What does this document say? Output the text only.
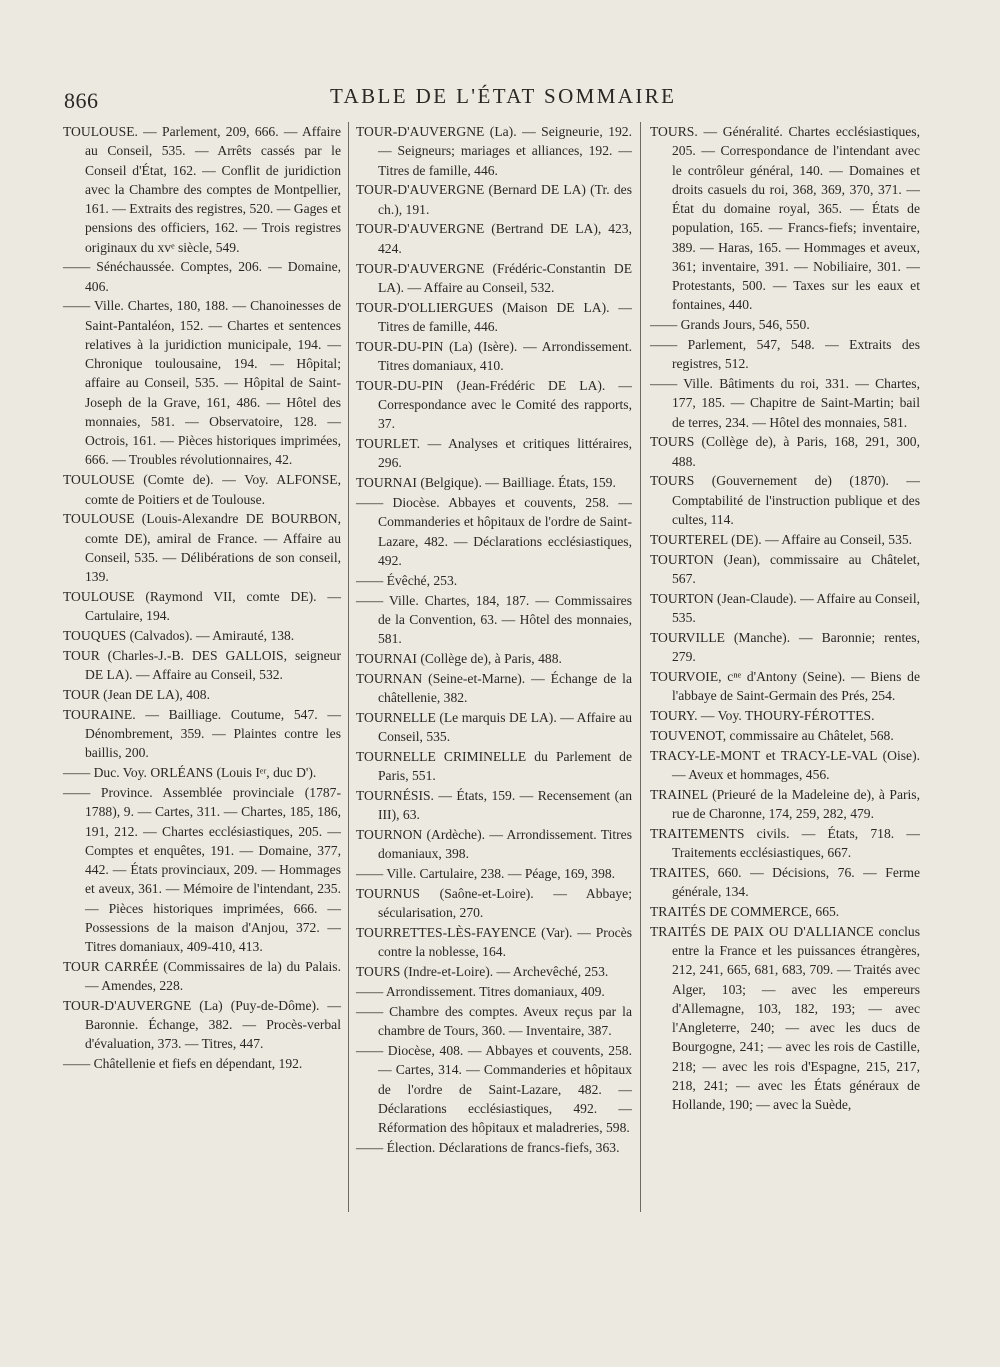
866	TABLE DE L'ÉTAT SOMMAIRE

TOULOUSE. — Parlement, 209, 666. — Affaire au Conseil, 535. — Arrêts cassés par le Conseil d'État, 162. — Conflit de juridiction avec la Chambre des comptes de Montpellier, 161. — Extraits des registres, 520. — Gages et pensions des officiers, 162. — Trois registres originaux du xvᵉ siècle, 549.

—— Sénéchaussée. Comptes, 206. — Domaine, 406.

—— Ville. Chartes, 180, 188. — Chanoinesses de Saint-Pantaléon, 152. — Chartes et sentences relatives à la juridiction municipale, 194. — Chronique toulousaine, 194. — Hôpital; affaire au Conseil, 535. — Hôpital de Saint-Joseph de la Grave, 161, 486. — Hôtel des monnaies, 581. — Observatoire, 128. — Octrois, 161. — Pièces historiques imprimées, 666. — Troubles révolutionnaires, 42.

TOULOUSE (Comte de). — Voy. ALFONSE, comte de Poitiers et de Toulouse.

TOULOUSE (Louis-Alexandre DE BOURBON, comte DE), amiral de France. — Affaire au Conseil, 535. — Délibérations de son conseil, 139.

TOULOUSE (Raymond VII, comte DE). — Cartulaire, 194.

TOUQUES (Calvados). — Amirauté, 138.

TOUR (Charles-J.-B. DES GALLOIS, seigneur DE LA). — Affaire au Conseil, 532.

TOUR (Jean DE LA), 408.

TOURAINE. — Bailliage. Coutume, 547. — Dénombrement, 359. — Plaintes contre les baillis, 200.

—— Duc. Voy. ORLÉANS (Louis Iᵉʳ, duc D').

—— Province. Assemblée provinciale (1787-1788), 9. — Cartes, 311. — Chartes, 185, 186, 191, 212. — Chartes ecclésiastiques, 205. — Comptes et enquêtes, 191. — Domaine, 377, 442. — États provinciaux, 209. — Hommages et aveux, 361. — Mémoire de l'intendant, 235. — Pièces historiques imprimées, 666. — Possessions de la maison d'Anjou, 372. — Titres domaniaux, 409-410, 413.

TOUR CARRÉE (Commissaires de la) du Palais. — Amendes, 228.

TOUR-D'AUVERGNE (La) (Puy-de-Dôme). — Baronnie. Échange, 382. — Procès-verbal d'évaluation, 373. — Titres, 447.

—— Châtellenie et fiefs en dépendant, 192.

TOUR-D'AUVERGNE (La). — Seigneurie, 192. — Seigneurs; mariages et alliances, 192. — Titres de famille, 446.

TOUR-D'AUVERGNE (Bernard DE LA) (Tr. des ch.), 191.

TOUR-D'AUVERGNE (Bertrand DE LA), 423, 424.

TOUR-D'AUVERGNE (Frédéric-Constantin DE LA). — Affaire au Conseil, 532.

TOUR-D'OLLIERGUES (Maison DE LA). — Titres de famille, 446.

TOUR-DU-PIN (La) (Isère). — Arrondissement. Titres domaniaux, 410.

TOUR-DU-PIN (Jean-Frédéric DE LA). — Correspondance avec le Comité des rapports, 37.

TOURLET. — Analyses et critiques littéraires, 296.

TOURNAI (Belgique). — Bailliage. États, 159.

—— Diocèse. Abbayes et couvents, 258. — Commanderies et hôpitaux de l'ordre de Saint-Lazare, 482. — Déclarations ecclésiastiques, 492.

—— Évêché, 253.

—— Ville. Chartes, 184, 187. — Commissaires de la Convention, 63. — Hôtel des monnaies, 581.

TOURNAI (Collège de), à Paris, 488.

TOURNAN (Seine-et-Marne). — Échange de la châtellenie, 382.

TOURNELLE (Le marquis DE LA). — Affaire au Conseil, 535.

TOURNELLE CRIMINELLE du Parlement de Paris, 551.

TOURNÉSIS. — États, 159. — Recensement (an III), 63.

TOURNON (Ardèche). — Arrondissement. Titres domaniaux, 398.

—— Ville. Cartulaire, 238. — Péage, 169, 398.

TOURNUS (Saône-et-Loire). — Abbaye; sécularisation, 270.

TOURRETTES-LÈS-FAYENCE (Var). — Procès contre la noblesse, 164.

TOURS (Indre-et-Loire). — Archevêché, 253.

—— Arrondissement. Titres domaniaux, 409.

—— Chambre des comptes. Aveux reçus par la chambre de Tours, 360. — Inventaire, 387.

—— Diocèse, 408. — Abbayes et couvents, 258. — Cartes, 314. — Commanderies et hôpitaux de l'ordre de Saint-Lazare, 482. — Déclarations ecclésiastiques, 492. — Réformation des hôpitaux et maladreries, 598.

—— Élection. Déclarations de francs-fiefs, 363.

TOURS. — Généralité. Chartes ecclésiastiques, 205. — Correspondance de l'intendant avec le contrôleur général, 140. — Domaines et droits casuels du roi, 368, 369, 370, 371. — État du domaine royal, 365. — États de population, 165. — Francs-fiefs; inventaire, 389. — Haras, 165. — Hommages et aveux, 361; inventaire, 391. — Nobiliaire, 301. — Protestants, 500. — Taxes sur les eaux et fontaines, 440.

—— Grands Jours, 546, 550.

—— Parlement, 547, 548. — Extraits des registres, 512.

—— Ville. Bâtiments du roi, 331. — Chartes, 177, 185. — Chapitre de Saint-Martin; bail de terres, 234. — Hôtel des monnaies, 581.

TOURS (Collège de), à Paris, 168, 291, 300, 488.

TOURS (Gouvernement de) (1870). — Comptabilité de l'instruction publique et des cultes, 114.

TOURTEREL (DE). — Affaire au Conseil, 535.

TOURTON (Jean), commissaire au Châtelet, 567.

TOURTON (Jean-Claude). — Affaire au Conseil, 535.

TOURVILLE (Manche). — Baronnie; rentes, 279.

TOURVOIE, cⁿᵉ d'Antony (Seine). — Biens de l'abbaye de Saint-Germain des Prés, 254.

TOURY. — Voy. THOURY-FÉROTTES.

TOUVENOT, commissaire au Châtelet, 568.

TRACY-LE-MONT et TRACY-LE-VAL (Oise). — Aveux et hommages, 456.

TRAINEL (Prieuré de la Madeleine de), à Paris, rue de Charonne, 174, 259, 282, 479.

TRAITEMENTS civils. — États, 718. — Traitements ecclésiastiques, 667.

TRAITES, 660. — Décisions, 76. — Ferme générale, 134.

TRAITÉS DE COMMERCE, 665.

TRAITÉS DE PAIX OU D'ALLIANCE conclus entre la France et les puissances étrangères, 212, 241, 665, 681, 683, 709. — Traités avec Alger, 103; — avec les empereurs d'Allemagne, 103, 182, 193; — avec l'Angleterre, 240; — avec les ducs de Bourgogne, 241; — avec les rois de Castille, 218; — avec les rois d'Espagne, 215, 217, 218, 241; — avec les États généraux de Hollande, 190; — avec la Suède,
